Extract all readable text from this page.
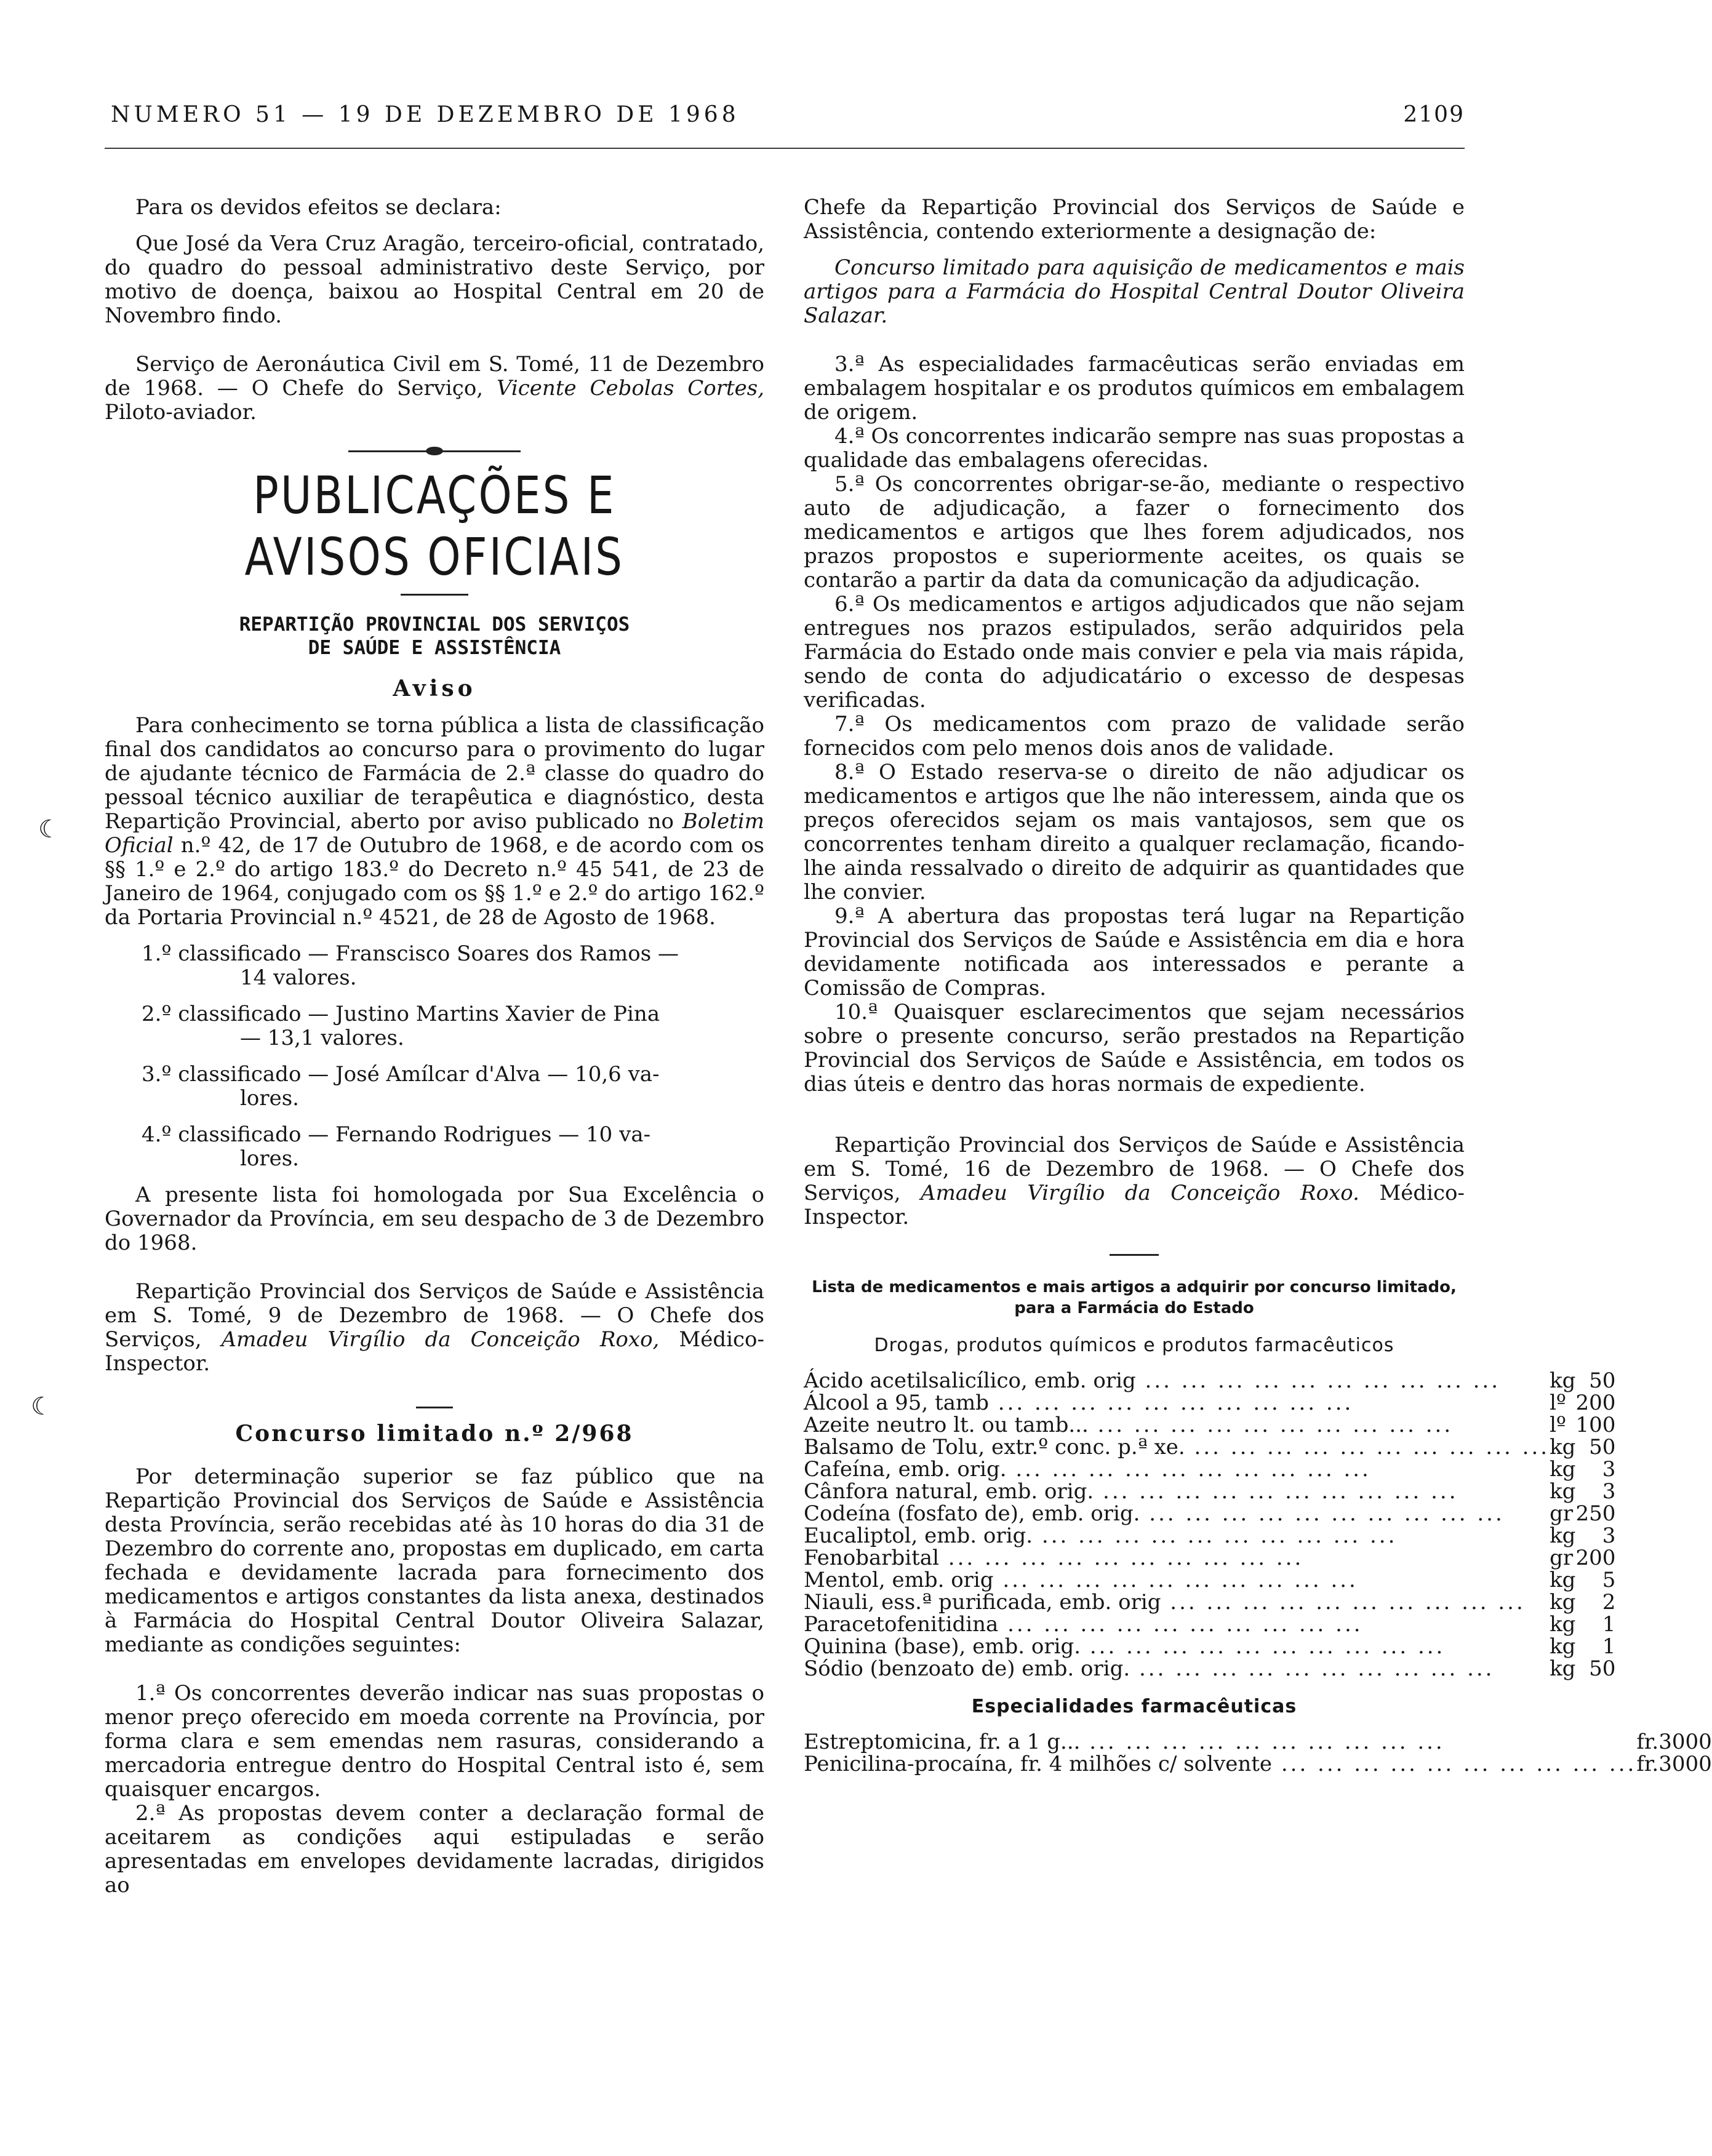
NUMERO 51 — 19 DE DEZEMBRO DE 1968	2109
☾
☾

Para os devidos efeitos se declara:

Que José da Vera Cruz Aragão, terceiro-oficial, contratado, do quadro do pessoal administrativo deste Serviço, por motivo de doença, baixou ao Hospital Central em 20 de Novembro findo.

Serviço de Aeronáutica Civil em S. Tomé, 11 de Dezembro de 1968. — O Chefe do Serviço, Vicente Cebolas Cortes, Piloto-aviador.

PUBLICAÇÕES E AVISOS OFICIAIS
REPARTIÇÃO PROVINCIAL DOS SERVIÇOS
DE SAÚDE E ASSISTÊNCIA
Aviso

Para conhecimento se torna pública a lista de classificação final dos candidatos ao concurso para o provimento do lugar de ajudante técnico de Farmácia de 2.ª classe do quadro do pessoal técnico auxiliar de terapêutica e diagnóstico, desta Repartição Provincial, aberto por aviso publicado no Boletim Oficial n.º 42, de 17 de Outubro de 1968, e de acordo com os §§ 1.º e 2.º do artigo 183.º do Decreto n.º 45 541, de 23 de Janeiro de 1964, conjugado com os §§ 1.º e 2.º do artigo 162.º da Portaria Provincial n.º 4521, de 28 de Agosto de 1968.

1.º classificado — Franscisco Soares dos Ramos —
14 valores.

2.º classificado — Justino Martins Xavier de Pina
— 13,1 valores.

3.º classificado — José Amílcar d'Alva — 10,6 va-
lores.

4.º classificado — Fernando Rodrigues — 10 va-
lores.

A presente lista foi homologada por Sua Excelência o Governador da Província, em seu despacho de 3 de Dezembro do 1968.

Repartição Provincial dos Serviços de Saúde e Assistência em S. Tomé, 9 de Dezembro de 1968. — O Chefe dos Serviços, Amadeu Virgílio da Conceição Roxo, Médico-Inspector.

Concurso limitado n.º 2/968

Por determinação superior se faz público que na Repartição Provincial dos Serviços de Saúde e Assistência desta Província, serão recebidas até às 10 horas do dia 31 de Dezembro do corrente ano, propostas em duplicado, em carta fechada e devidamente lacrada para fornecimento dos medicamentos e artigos constantes da lista anexa, destinados à Farmácia do Hospital Central Doutor Oliveira Salazar, mediante as condições seguintes:

1.ª Os concorrentes deverão indicar nas suas propostas o menor preço oferecido em moeda corrente na Província, por forma clara e sem emendas nem rasuras, considerando a mercadoria entregue dentro do Hospital Central isto é, sem quaisquer encargos.

2.ª As propostas devem conter a declaração formal de aceitarem as condições aqui estipuladas e serão apresentadas em envelopes devidamente lacradas, dirigidos ao

Chefe da Repartição Provincial dos Serviços de Saúde e Assistência, contendo exteriormente a designação de:

Concurso limitado para aquisição de medicamentos e mais artigos para a Farmácia do Hospital Central Doutor Oliveira Salazar.

3.ª As especialidades farmacêuticas serão enviadas em embalagem hospitalar e os produtos químicos em embalagem de origem.

4.ª Os concorrentes indicarão sempre nas suas propostas a qualidade das embalagens oferecidas.

5.ª Os concorrentes obrigar-se-ão, mediante o respectivo auto de adjudicação, a fazer o fornecimento dos medicamentos e artigos que lhes forem adjudicados, nos prazos propostos e superiormente aceites, os quais se contarão a partir da data da comunicação da adjudicação.

6.ª Os medicamentos e artigos adjudicados que não sejam entregues nos prazos estipulados, serão adquiridos pela Farmácia do Estado onde mais convier e pela via mais rápida, sendo de conta do adjudicatário o excesso de despesas verificadas.

7.ª Os medicamentos com prazo de validade serão fornecidos com pelo menos dois anos de validade.

8.ª O Estado reserva-se o direito de não adjudicar os medicamentos e artigos que lhe não interessem, ainda que os preços oferecidos sejam os mais vantajosos, sem que os concorrentes tenham direito a qualquer reclamação, ficando-lhe ainda ressalvado o direito de adquirir as quantidades que lhe convier.

9.ª A abertura das propostas terá lugar na Repartição Provincial dos Serviços de Saúde e Assistência em dia e hora devidamente notificada aos interessados e perante a Comissão de Compras.

10.ª Quaisquer esclarecimentos que sejam necessários sobre o presente concurso, serão prestados na Repartição Provincial dos Serviços de Saúde e Assistência, em todos os dias úteis e dentro das horas normais de expediente.

Repartição Provincial dos Serviços de Saúde e Assistência em S. Tomé, 16 de Dezembro de 1968. — O Chefe dos Serviços, Amadeu Virgílio da Conceição Roxo. Médico-Inspector.

Lista de medicamentos e mais artigos a adquirir por concurso limitado, para a Farmácia do Estado
Drogas, produtos químicos e produtos farmacêuticos
Ácido acetilsalicílico, emb. orig ... ... ... ... ... ... ... ... ... ...	kg	50
Álcool a 95, tamb ... ... ... ... ... ... ... ... ... ...	lº	200
Azeite neutro lt. ou tamb... ... ... ... ... ... ... ... ... ... ...	lº	100
Balsamo de Tolu, extr.º conc. p.ª xe. ... ... ... ... ... ... ... ... ... ...	kg	50
Cafeína, emb. orig. ... ... ... ... ... ... ... ... ... ...	kg	3
Cânfora natural, emb. orig. ... ... ... ... ... ... ... ... ... ...	kg	3
Codeína (fosfato de), emb. orig. ... ... ... ... ... ... ... ... ... ...	gr	250
Eucaliptol, emb. orig. ... ... ... ... ... ... ... ... ... ...	kg	3
Fenobarbital ... ... ... ... ... ... ... ... ... ...	gr	200
Mentol, emb. orig ... ... ... ... ... ... ... ... ... ...	kg	5
Niauli, ess.ª purificada, emb. orig ... ... ... ... ... ... ... ... ... ...	kg	2
Paracetofenitidina ... ... ... ... ... ... ... ... ... ...	kg	1
Quinina (base), emb. orig. ... ... ... ... ... ... ... ... ... ...	kg	1
Sódio (benzoato de) emb. orig. ... ... ... ... ... ... ... ... ... ...	kg	50
Especialidades farmacêuticas
Estreptomicina, fr. a 1 g... ... ... ... ... ... ... ... ... ... ...	fr.	3000
Penicilina-procaína, fr. 4 milhões c/ solvente ... ... ... ... ... ... ... ... ... ...	fr.	3000
